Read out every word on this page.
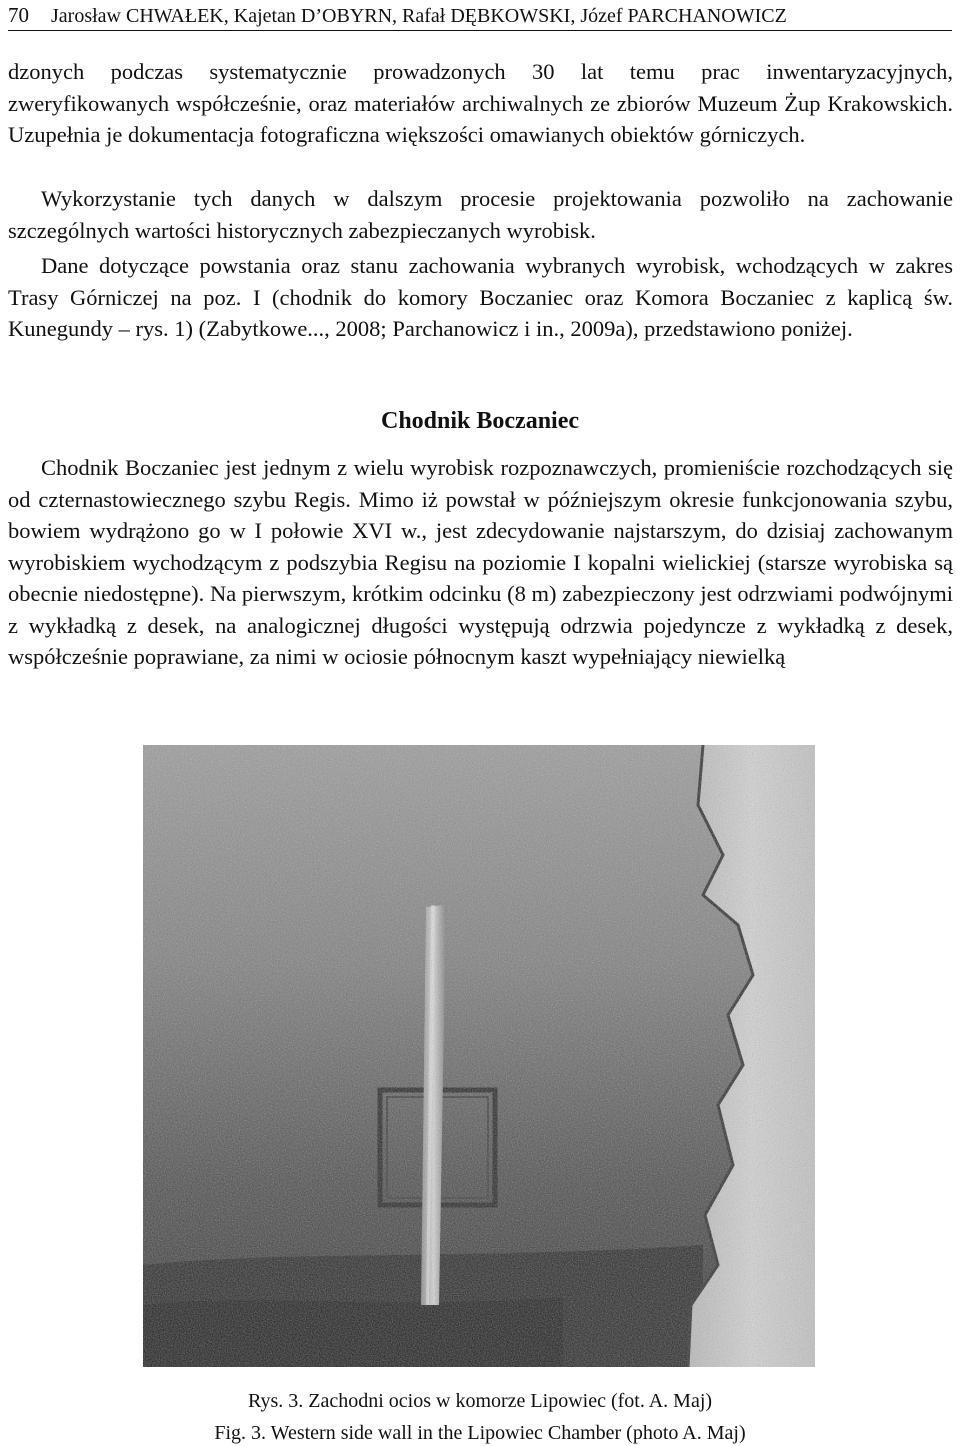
70 Jarosław CHWAŁEK, Kajetan D’OBYRN, Rafał DĘBKOWSKI, Józef PARCHANOWICZ

dzonych podczas systematycznie prowadzonych 30 lat temu prac inwentaryzacyjnych, zweryfikowanych współcześnie, oraz materiałów archiwalnych ze zbiorów Muzeum Żup Krakowskich. Uzupełnia je dokumentacja fotograficzna większości omawianych obiektów górniczych.

Wykorzystanie tych danych w dalszym procesie projektowania pozwoliło na zachowanie szczególnych wartości historycznych zabezpieczanych wyrobisk.

Dane dotyczące powstania oraz stanu zachowania wybranych wyrobisk, wchodzących w zakres Trasy Górniczej na poz. I (chodnik do komory Boczaniec oraz Komora Boczaniec z kaplicą św. Kunegundy – rys. 1) (Zabytkowe..., 2008; Parchanowicz i in., 2009a), przedstawiono poniżej.

Chodnik Boczaniec

Chodnik Boczaniec jest jednym z wielu wyrobisk rozpoznawczych, promieniście rozchodzących się od czternastowiecznego szybu Regis. Mimo iż powstał w późniejszym okresie funkcjonowania szybu, bowiem wydrążono go w I połowie XVI w., jest zdecydowanie najstarszym, do dzisiaj zachowanym wyrobiskiem wychodzącym z podszybia Regisu na poziomie I kopalni wielickiej (starsze wyrobiska są obecnie niedostępne). Na pierwszym, krótkim odcinku (8 m) zabezpieczony jest odrzwiami podwójnymi z wykładką z desek, na analogicznej długości występują odrzwia pojedyncze z wykładką z desek, współcześnie poprawiane, za nimi w ociosie północnym kaszt wypełniający niewielką

Rys. 3. Zachodni ocios w komorze Lipowiec (fot. A. Maj)

Fig. 3. Western side wall in the Lipowiec Chamber (photo A. Maj)
